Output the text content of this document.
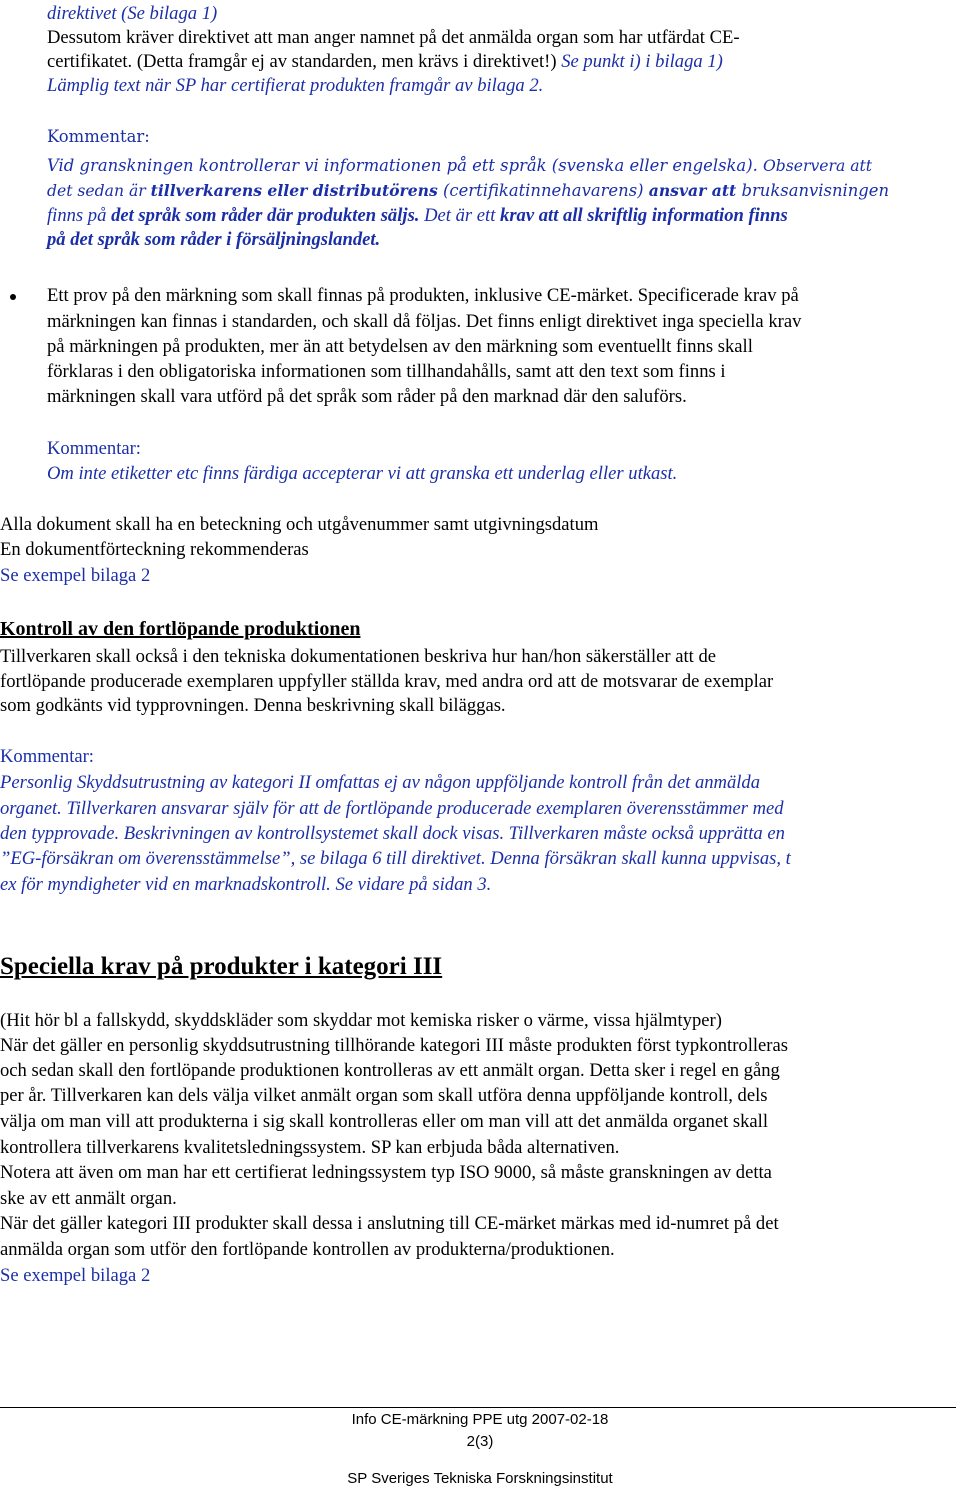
direktivet (Se bilaga 1)
Dessutom kräver direktivet att man anger namnet på det anmälda organ som har utfärdat CE-
certifikatet. (Detta framgår ej av standarden, men krävs i direktivet!) Se punkt i) i bilaga 1)
Lämplig text när SP har certifierat produkten framgår av bilaga 2.
Kommentar:
Vid granskningen kontrollerar vi informationen på ett språk (svenska eller engelska). Observera att
det sedan är tillverkarens eller distributörens (certifikatinnehavarens) ansvar att bruksanvisningen
finns på det språk som råder där produkten säljs. Det är ett krav att all skriftlig information finns
på det språk som råder i försäljningslandet.
Ett prov på den märkning som skall finnas på produkten, inklusive CE-märket. Specificerade krav på
märkningen kan finnas i standarden, och skall då följas. Det finns enligt direktivet inga speciella krav
på märkningen på produkten, mer än att betydelsen av den märkning som eventuellt finns skall
förklaras i den obligatoriska informationen som tillhandahålls, samt att den text som finns i
märkningen skall vara utförd på det språk som råder på den marknad där den saluförs.
Kommentar:
Om inte etiketter etc finns färdiga accepterar vi att granska ett underlag eller utkast.
Alla dokument skall ha en beteckning och utgåvenummer samt utgivningsdatum
En dokumentförteckning rekommenderas
Se exempel bilaga 2
Kontroll av den fortlöpande produktionen
Tillverkaren skall också i den tekniska dokumentationen beskriva hur han/hon säkerställer att de
fortlöpande producerade exemplaren uppfyller ställda krav, med andra ord att de motsvarar de exemplar
som godkänts vid typprovningen. Denna beskrivning skall biläggas.
Kommentar:
Personlig Skyddsutrustning av kategori II omfattas ej av någon uppföljande kontroll från det anmälda
organet. Tillverkaren ansvarar själv för att de fortlöpande producerade exemplaren överensstämmer med
den typprovade. Beskrivningen av kontrollsystemet skall dock visas. Tillverkaren måste också upprätta en
”EG-försäkran om överensstämmelse”, se bilaga 6 till direktivet. Denna försäkran skall kunna uppvisas, t
ex för myndigheter vid en marknadskontroll. Se vidare på sidan 3.
Speciella krav på produkter i kategori III
(Hit hör bl a fallskydd, skyddskläder som skyddar mot kemiska risker o värme, vissa hjälmtyper)
När det gäller en personlig skyddsutrustning tillhörande kategori III måste produkten först typkontrolleras
och sedan skall den fortlöpande produktionen kontrolleras av ett anmält organ. Detta sker i regel en gång
per år. Tillverkaren kan dels välja vilket anmält organ som skall utföra denna uppföljande kontroll, dels
välja om man vill att produkterna i sig skall kontrolleras eller om man vill att det anmälda organet skall
kontrollera tillverkarens kvalitetsledningssystem. SP kan erbjuda båda alternativen.
Notera att även om man har ett certifierat ledningssystem typ ISO 9000, så måste granskningen av detta
ske av ett anmält organ.
När det gäller kategori III produkter skall dessa i anslutning till CE-märket märkas med id-numret på det
anmälda organ som utför den fortlöpande kontrollen av produkterna/produktionen.
Se exempel bilaga 2
Info CE-märkning PPE utg 2007-02-18
2(3)
SP Sveriges Tekniska Forskningsinstitut
